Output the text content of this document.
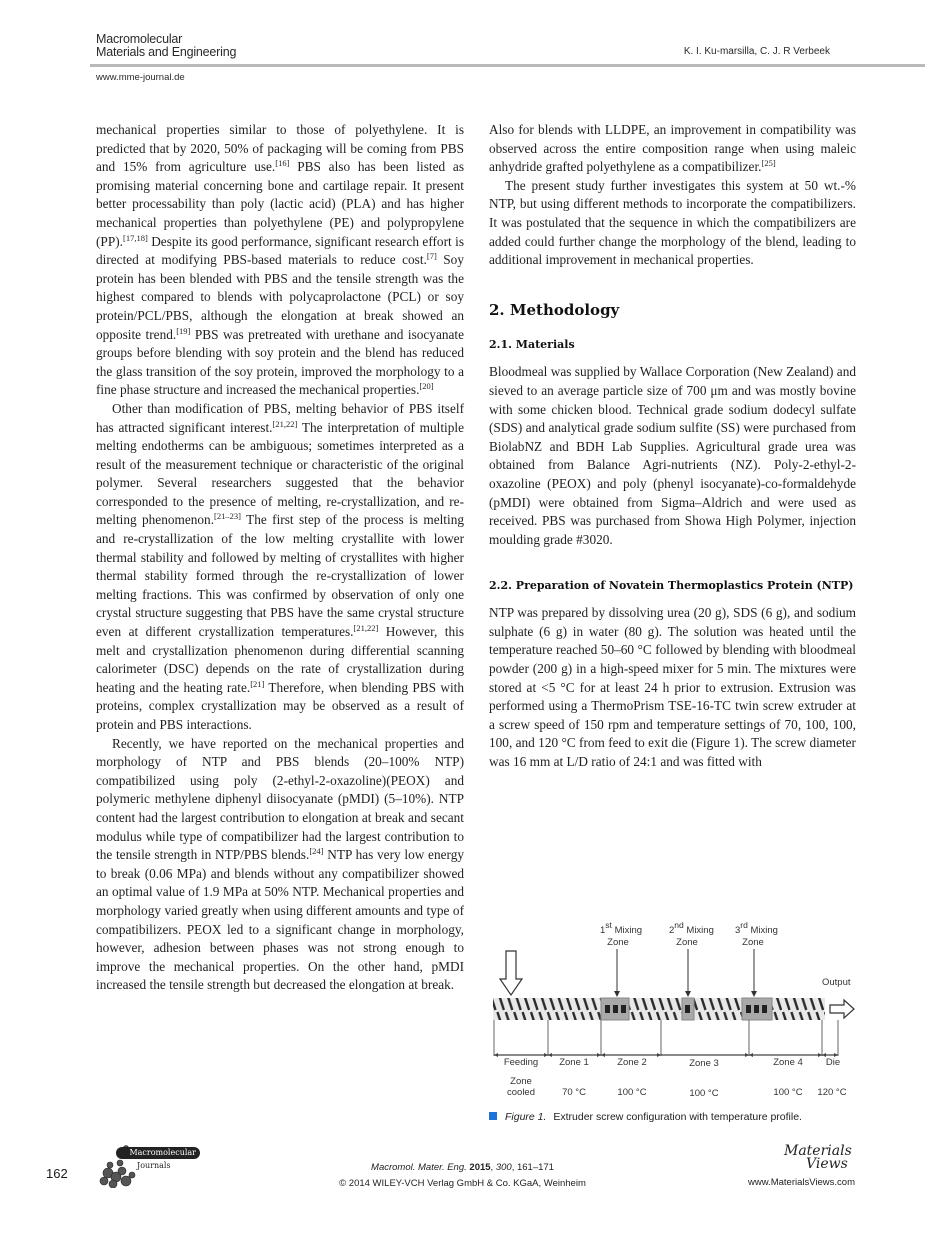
Macromolecular
Materials and Engineering	K. I. Ku-marsilla, C. J. R Verbeek
www.mme-journal.de

mechanical properties similar to those of polyethylene. It is predicted that by 2020, 50% of packaging will be coming from PBS and 15% from agriculture use.[16] PBS also has been listed as promising material concerning bone and cartilage repair. It present better processability than poly (lactic acid) (PLA) and has higher mechanical properties than polyethylene (PE) and polypropylene (PP).[17,18] Despite its good performance, significant research effort is directed at modifying PBS-based materials to reduce cost.[7] Soy protein has been blended with PBS and the tensile strength was the highest compared to blends with polycaprolactone (PCL) or soy protein/PCL/PBS, although the elongation at break showed an opposite trend.[19] PBS was pretreated with urethane and isocyanate groups before blending with soy protein and the blend has reduced the glass transition of the soy protein, improved the morphology to a fine phase structure and increased the mechanical properties.[20]

Other than modification of PBS, melting behavior of PBS itself has attracted significant interest.[21,22] The interpretation of multiple melting endotherms can be ambiguous; sometimes interpreted as a result of the measurement technique or characteristic of the original polymer. Several researchers suggested that the behavior corresponded to the presence of melting, re-crystallization, and re-melting phenomenon.[21–23] The first step of the process is melting and re-crystallization of the low melting crystallite with lower thermal stability and followed by melting of crystallites with higher thermal stability formed through the re-crystallization of lower melting fractions. This was confirmed by observation of only one crystal structure suggesting that PBS have the same crystal structure even at different crystallization temperatures.[21,22] However, this melt and crystallization phenomenon during differential scanning calorimeter (DSC) depends on the rate of crystallization during heating and the heating rate.[21] Therefore, when blending PBS with proteins, complex crystallization may be observed as a result of protein and PBS interactions.

Recently, we have reported on the mechanical properties and morphology of NTP and PBS blends (20–100% NTP) compatibilized using poly (2-ethyl-2-oxazoline)(PEOX) and polymeric methylene diphenyl diisocyanate (pMDI) (5–10%). NTP content had the largest contribution to elongation at break and secant modulus while type of compatibilizer had the largest contribution to the tensile strength in NTP/PBS blends.[24] NTP has very low energy to break (0.06 MPa) and blends without any compatibilizer showed an optimal value of 1.9 MPa at 50% NTP. Mechanical properties and morphology varied greatly when using different amounts and type of compatibilizers. PEOX led to a significant change in morphology, however, adhesion between phases was not strong enough to improve the mechanical properties. On the other hand, pMDI increased the tensile strength but decreased the elongation at break.

Also for blends with LLDPE, an improvement in compatibility was observed across the entire composition range when using maleic anhydride grafted polyethylene as a compatibilizer.[25]

The present study further investigates this system at 50 wt.-% NTP, but using different methods to incorporate the compatibilizers. It was postulated that the sequence in which the compatibilizers are added could further change the morphology of the blend, leading to additional improvement in mechanical properties.

2. Methodology
2.1. Materials

Bloodmeal was supplied by Wallace Corporation (New Zealand) and sieved to an average particle size of 700 μm and was mostly bovine with some chicken blood. Technical grade sodium dodecyl sulfate (SDS) and analytical grade sodium sulfite (SS) were purchased from BiolabNZ and BDH Lab Supplies. Agricultural grade urea was obtained from Balance Agri-nutrients (NZ). Poly-2-ethyl-2-oxazoline (PEOX) and poly (phenyl isocyanate)-co-formaldehyde (pMDI) were obtained from Sigma–Aldrich and were used as received. PBS was purchased from Showa High Polymer, injection moulding grade #3020.

2.2. Preparation of Novatein Thermoplastics Protein (NTP)

NTP was prepared by dissolving urea (20 g), SDS (6 g), and sodium sulphate (6 g) in water (80 g). The solution was heated until the temperature reached 50–60 °C followed by blending with bloodmeal powder (200 g) in a high-speed mixer for 5 min. The mixtures were stored at <5 °C for at least 24 h prior to extrusion. Extrusion was performed using a ThermoPrism TSE-16-TC twin screw extruder at a screw speed of 150 rpm and temperature settings of 70, 100, 100, 100, and 120 °C from feed to exit die (Figure 1). The screw diameter was 16 mm at L/D ratio of 24:1 and was fitted with

1st Mixing
Zone
2nd Mixing
Zone
3rd Mixing
Zone
Output
Feeding
Zone
Zone 1	Zone 2	Zone 3	Zone 4	Die
cooled	70 °C	100 °C	100 °C	100 °C	120 °C
Figure 1. Extruder screw configuration with temperature profile.
162
Macromolecular
Journals	Macromol. Mater. Eng. 2015, 300, 161–171
© 2014 WILEY-VCH Verlag GmbH & Co. KGaA, Weinheim
Materials
Views
www.MaterialsViews.com
